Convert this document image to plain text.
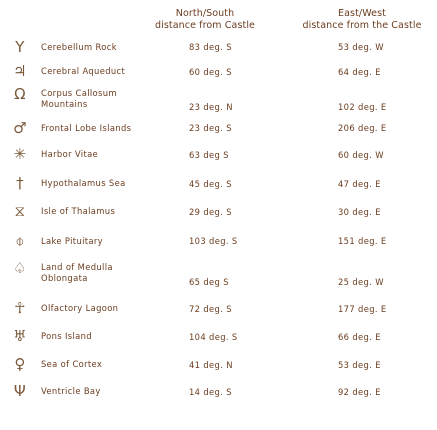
North/South
distance from Castle
East/West
distance from the Castle
Υ	Cerebellum Rock	83 deg. S	53 deg. W
♃	Cerebral Aqueduct	60 deg. S	64 deg. E
Ω	Corpus Callosum
Mountains	23 deg. N	102 deg. E
♂	Frontal Lobe Islands	23 deg. S	206 deg. E
✳	Harbor Vitae	63 deg S	60 deg. W
†	Hypothalamus Sea	45 deg. S	47 deg. E
⧖	Isle of Thalamus	29 deg. S	30 deg. E
⌽	Lake Pituitary	103 deg. S	151 deg. E
♤	Land of Medulla
Oblongata	65 deg S	25 deg. W
☥	Olfactory Lagoon	72 deg. S	177 deg. E
♅	Pons Island	104 deg. S	66 deg. E
♀	Sea of Cortex	41 deg. N	53 deg. E
Ψ	Ventricle Bay	14 deg. S	92 deg. E
